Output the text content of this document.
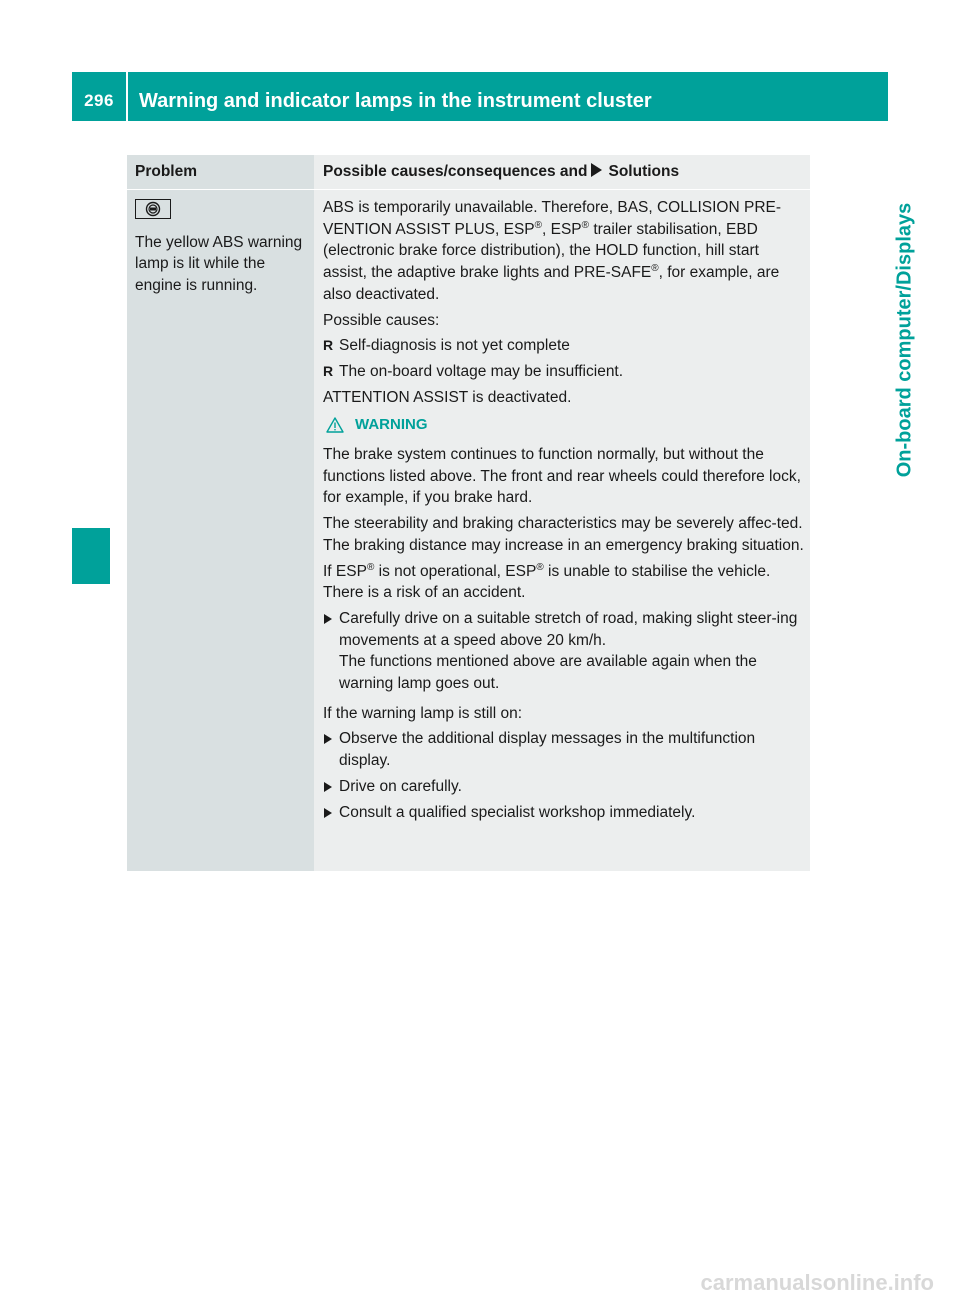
296	Warning and indicator lamps in the instrument cluster
On-board computer/Displays
Problem	Possible causes/consequences and Solutions
The yellow ABS warning lamp is lit while the engine is running.

ABS is temporarily unavailable. Therefore, BAS, COLLISION PRE-VENTION ASSIST PLUS, ESP®, ESP® trailer stabilisation, EBD (electronic brake force distribution), the HOLD function, hill start assist, the adaptive brake lights and PRE-SAFE®, for example, are also deactivated.

Possible causes:

R Self-diagnosis is not yet complete
R The on-board voltage may be insufficient.

ATTENTION ASSIST is deactivated.

WARNING

The brake system continues to function normally, but without the functions listed above. The front and rear wheels could therefore lock, for example, if you brake hard.

The steerability and braking characteristics may be severely affec-ted. The braking distance may increase in an emergency braking situation.

If ESP® is not operational, ESP® is unable to stabilise the vehicle. There is a risk of an accident.

Carefully drive on a suitable stretch of road, making slight steer-ing movements at a speed above 20 km/h.
The functions mentioned above are available again when the warning lamp goes out.

If the warning lamp is still on:

Observe the additional display messages in the multifunction display.
Drive on carefully.
Consult a qualified specialist workshop immediately.
carmanualsonline.info
